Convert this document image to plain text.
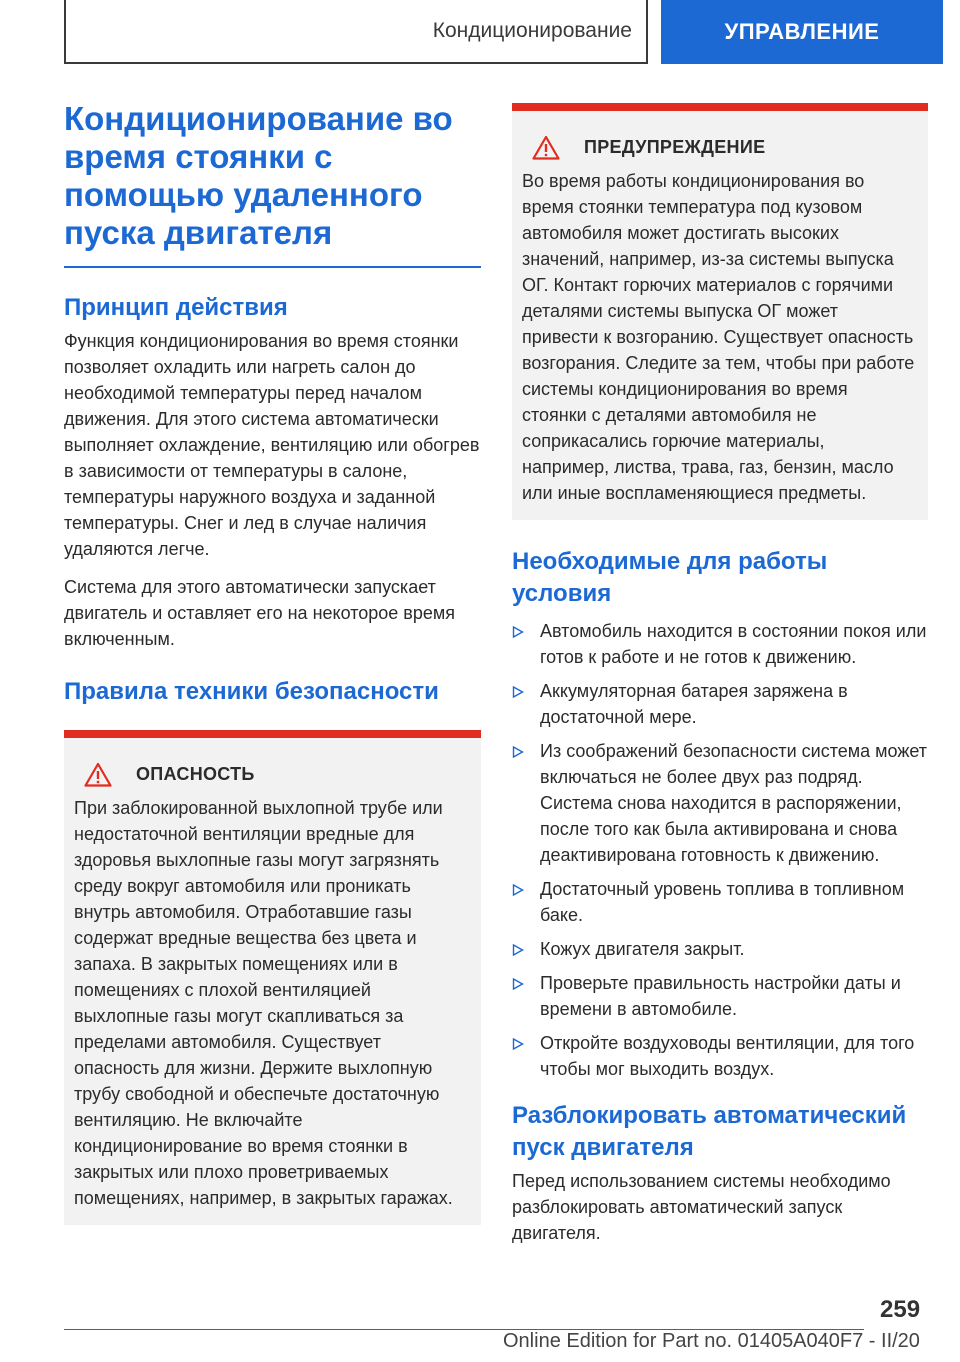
Кондиционирование	УПРАВЛЕНИЕ
Кондиционирование во время стоянки с помощью удаленного пуска двигателя
Принцип действия

Функция кондиционирования во время стоянки позволяет охладить или нагреть салон до необходимой температуры перед началом движения. Для этого система автоматически выполняет охлаждение, вентиляцию или обогрев в зависимости от температуры в салоне, температуры наружного воздуха и заданной температуры. Снег и лед в случае наличия удаляются легче.

Система для этого автоматически запускает двигатель и оставляет его на некоторое время включенным.

Правила техники безопасности
ОПАСНОСТЬ

При заблокированной выхлопной трубе или недостаточной вентиляции вредные для здоровья выхлопные газы могут загрязнять среду вокруг автомобиля или проникать внутрь автомобиля. Отработавшие газы содержат вредные вещества без цвета и запаха. В закрытых помещениях или в помещениях с плохой вентиляцией выхлопные газы могут скапливаться за пределами автомобиля. Существует опасность для жизни. Держите выхлопную трубу свободной и обеспечьте достаточную вентиляцию. Не включайте кондиционирование во время стоянки в закрытых или плохо проветриваемых помещениях, например, в закрытых гаражах.

ПРЕДУПРЕЖДЕНИЕ

Во время работы кондиционирования во время стоянки температура под кузовом автомобиля может достигать высоких значений, например, из-за системы выпуска ОГ. Контакт горючих материалов с горячими деталями системы выпуска ОГ может привести к возгоранию. Существует опасность возгорания. Следите за тем, чтобы при работе системы кондиционирования во время стоянки с деталями автомобиля не соприкасались горючие материалы, например, листва, трава, газ, бензин, масло или иные воспламеняющиеся предметы.

Необходимые для работы условия

Автомобиль находится в состоянии покоя или готов к работе и не готов к движению.

Аккумуляторная батарея заряжена в достаточной мере.

Из соображений безопасности система может включаться не более двух раз подряд. Система снова находится в распоряжении, после того как была активирована и снова деактивирована готовность к движению.

Достаточный уровень топлива в топливном баке.

Кожух двигателя закрыт.

Проверьте правильность настройки даты и времени в автомобиле.

Откройте воздуховоды вентиляции, для того чтобы мог выходить воздух.

Разблокировать автоматический пуск двигателя

Перед использованием системы необходимо разблокировать автоматический запуск двигателя.

259
Online Edition for Part no. 01405A040F7 - II/20
